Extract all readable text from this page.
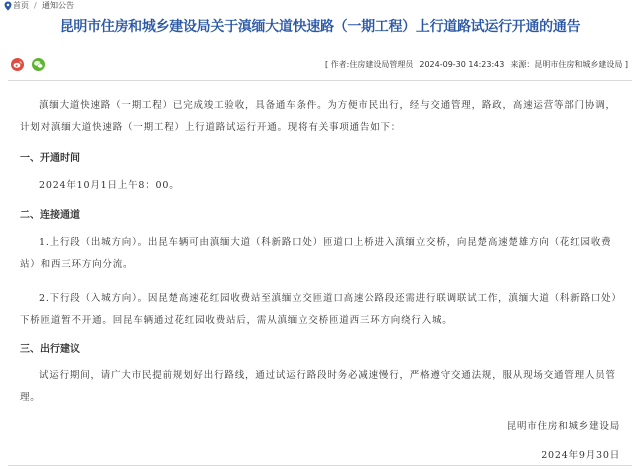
首页 / 通知公告
昆明市住房和城乡建设局关于滇缅大道快速路（一期工程）上行道路试运行开通的通告
[ 作者:住房建设局管理员 2024-09-30 14:23:43 来源：昆明市住房和城乡建设局 ]
滇缅大道快速路（一期工程）已完成竣工验收，具备通车条件。为方便市民出行，经与交通管理，路政，高速运营等部门协调，计划对滇缅大道快速路（一期工程）上行道路试运行开通。现将有关事项通告如下：
一、开通时间
2024年10月1日上午8：00。
二、连接通道
1.上行段（出城方向）。出昆车辆可由滇缅大道（科新路口处）匝道口上桥进入滇缅立交桥，向昆楚高速楚雄方向（花红园收费站）和西三环方向分流。
2.下行段（入城方向）。因昆楚高速花红园收费站至滇缅立交匝道口高速公路段还需进行联调联试工作，滇缅大道（科新路口处）下桥匝道暂不开通。回昆车辆通过花红园收费站后，需从滇缅立交桥匝道西三环方向绕行入城。
三、出行建议
试运行期间，请广大市民提前规划好出行路线，通过试运行路段时务必减速慢行，严格遵守交通法规，服从现场交通管理人员管理。
昆明市住房和城乡建设局
2024年9月30日
